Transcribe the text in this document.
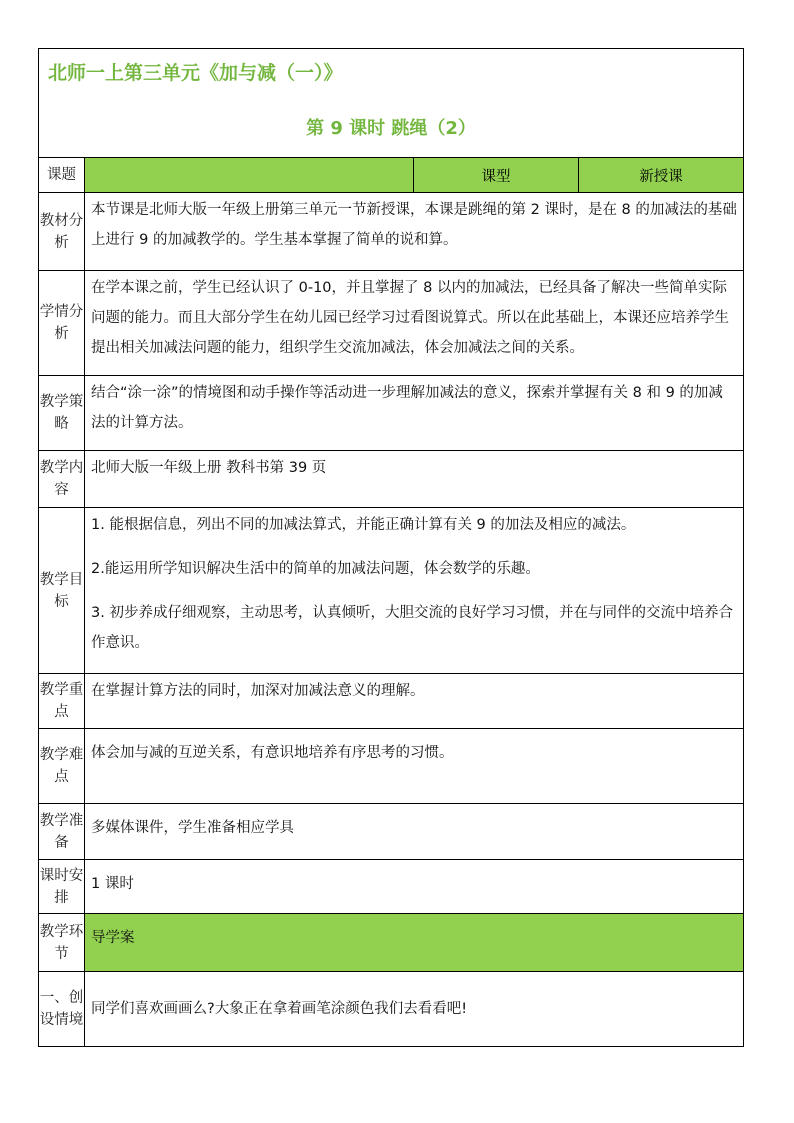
北师一上第三单元《加与减（一）》
第 9 课时 跳绳（2）			

课题		课型	新授课
教材分析	本节课是北师大版一年级上册第三单元一节新授课，本课是跳绳的第 2 课时，是在 8 的加减法的基础上进行 9 的加减教学的。学生基本掌握了简单的说和算。		
学情分析	在学本课之前，学生已经认识了 0-10，并且掌握了 8 以内的加减法，已经具备了解决一些简单实际问题的能力。而且大部分学生在幼儿园已经学习过看图说算式。所以在此基础上，本课还应培养学生提出相关加减法问题的能力，组织学生交流加减法，体会加减法之间的关系。		
教学策略	结合“涂一涂”的情境图和动手操作等活动进一步理解加减法的意义，探索并掌握有关 8 和 9 的加减法的计算方法。		
教学内容	北师大版一年级上册 教科书第 39 页		
教学目标	1. 能根据信息，列出不同的加减法算式，并能正确计算有关 9 的加法及相应的减法。

2.能运用所学知识解决生活中的简单的加减法问题，体会数学的乐趣。

3. 初步养成仔细观察，主动思考，认真倾听，大胆交流的良好学习习惯，并在与同伴的交流中培养合作意识。		

教学重点	在掌握计算方法的同时，加深对加减法意义的理解。		
教学难点	体会加与减的互逆关系，有意识地培养有序思考的习惯。		
教学准备	多媒体课件，学生准备相应学具		
课时安排	1 课时		
教学环节	导学案		
一、创设情境	同学们喜欢画画么?大象正在拿着画笔涂颜色我们去看看吧!		
